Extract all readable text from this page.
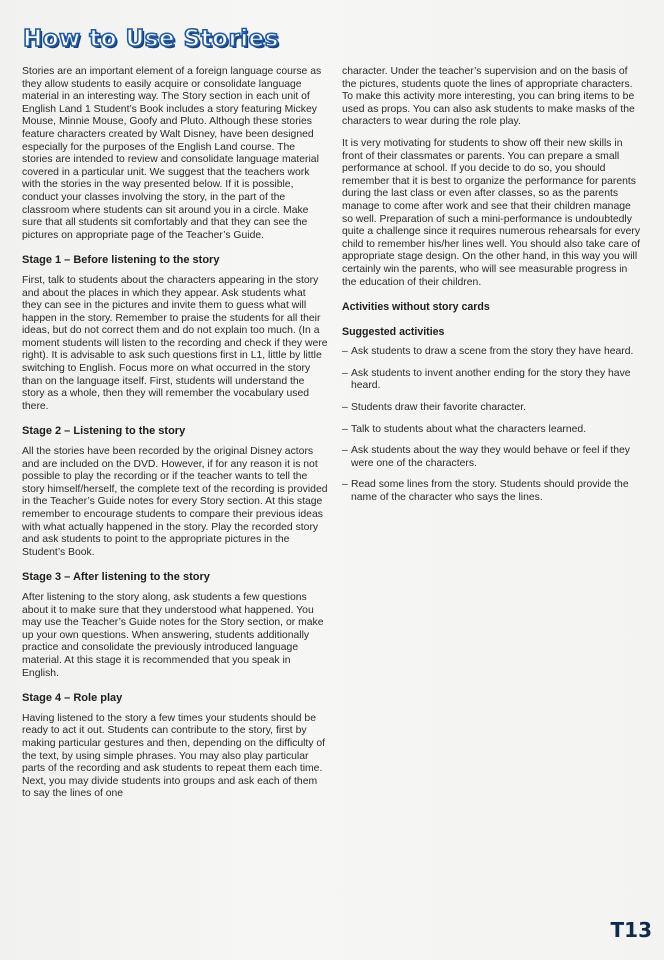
How to Use Stories

Stories are an important element of a foreign language course as they allow students to easily acquire or consolidate language material in an interesting way. The Story section in each unit of English Land 1 Student’s Book includes a story featuring Mickey Mouse, Minnie Mouse, Goofy and Pluto. Although these stories feature characters created by Walt Disney, have been designed especially for the purposes of the English Land course. The stories are intended to review and consolidate language material covered in a particular unit. We suggest that the teachers work with the stories in the way presented below. If it is possible, conduct your classes involving the story, in the part of the classroom where students can sit around you in a circle. Make sure that all students sit comfortably and that they can see the pictures on appropriate page of the Teacher’s Guide.

Stage 1 – Before listening to the story

First, talk to students about the characters appearing in the story and about the places in which they appear. Ask students what they can see in the pictures and invite them to guess what will happen in the story. Remember to praise the students for all their ideas, but do not correct them and do not explain too much. (In a moment students will listen to the recording and check if they were right). It is advisable to ask such questions first in L1, little by little switching to English. Focus more on what occurred in the story than on the language itself. First, students will understand the story as a whole, then they will remember the vocabulary used there.

Stage 2 – Listening to the story

All the stories have been recorded by the original Disney actors and are included on the DVD. However, if for any reason it is not possible to play the recording or if the teacher wants to tell the story himself/herself, the complete text of the recording is provided in the Teacher’s Guide notes for every Story section. At this stage remember to encourage students to compare their previous ideas with what actually happened in the story. Play the recorded story and ask students to point to the appropriate pictures in the Student’s Book.

Stage 3 – After listening to the story

After listening to the story along, ask students a few questions about it to make sure that they understood what happened. You may use the Teacher’s Guide notes for the Story section, or make up your own questions. When answering, students additionally practice and consolidate the previously introduced language material. At this stage it is recommended that you speak in English.

Stage 4 – Role play

Having listened to the story a few times your students should be ready to act it out. Students can contribute to the story, first by making particular gestures and then, depending on the difficulty of the text, by using simple phrases. You may also play particular parts of the recording and ask students to repeat them each time. Next, you may divide students into groups and ask each of them to say the lines of one

character. Under the teacher’s supervision and on the basis of the pictures, students quote the lines of appropriate characters. To make this activity more interesting, you can bring items to be used as props. You can also ask students to make masks of the characters to wear during the role play.

It is very motivating for students to show off their new skills in front of their classmates or parents. You can prepare a small performance at school. If you decide to do so, you should remember that it is best to organize the performance for parents during the last class or even after classes, so as the parents manage to come after work and see that their children manage so well. Preparation of such a mini-performance is undoubtedly quite a challenge since it requires numerous rehearsals for every child to remember his/her lines well. You should also take care of appropriate stage design. On the other hand, in this way you will certainly win the parents, who will see measurable progress in the education of their children.

Activities without story cards
Suggested activities
– Ask students to draw a scene from the story they have heard.
– Ask students to invent another ending for the story they have heard.
– Students draw their favorite character.
– Talk to students about what the characters learned.
– Ask students about the way they would behave or feel if they were one of the characters.
– Read some lines from the story. Students should provide the name of the character who says the lines.
T13
